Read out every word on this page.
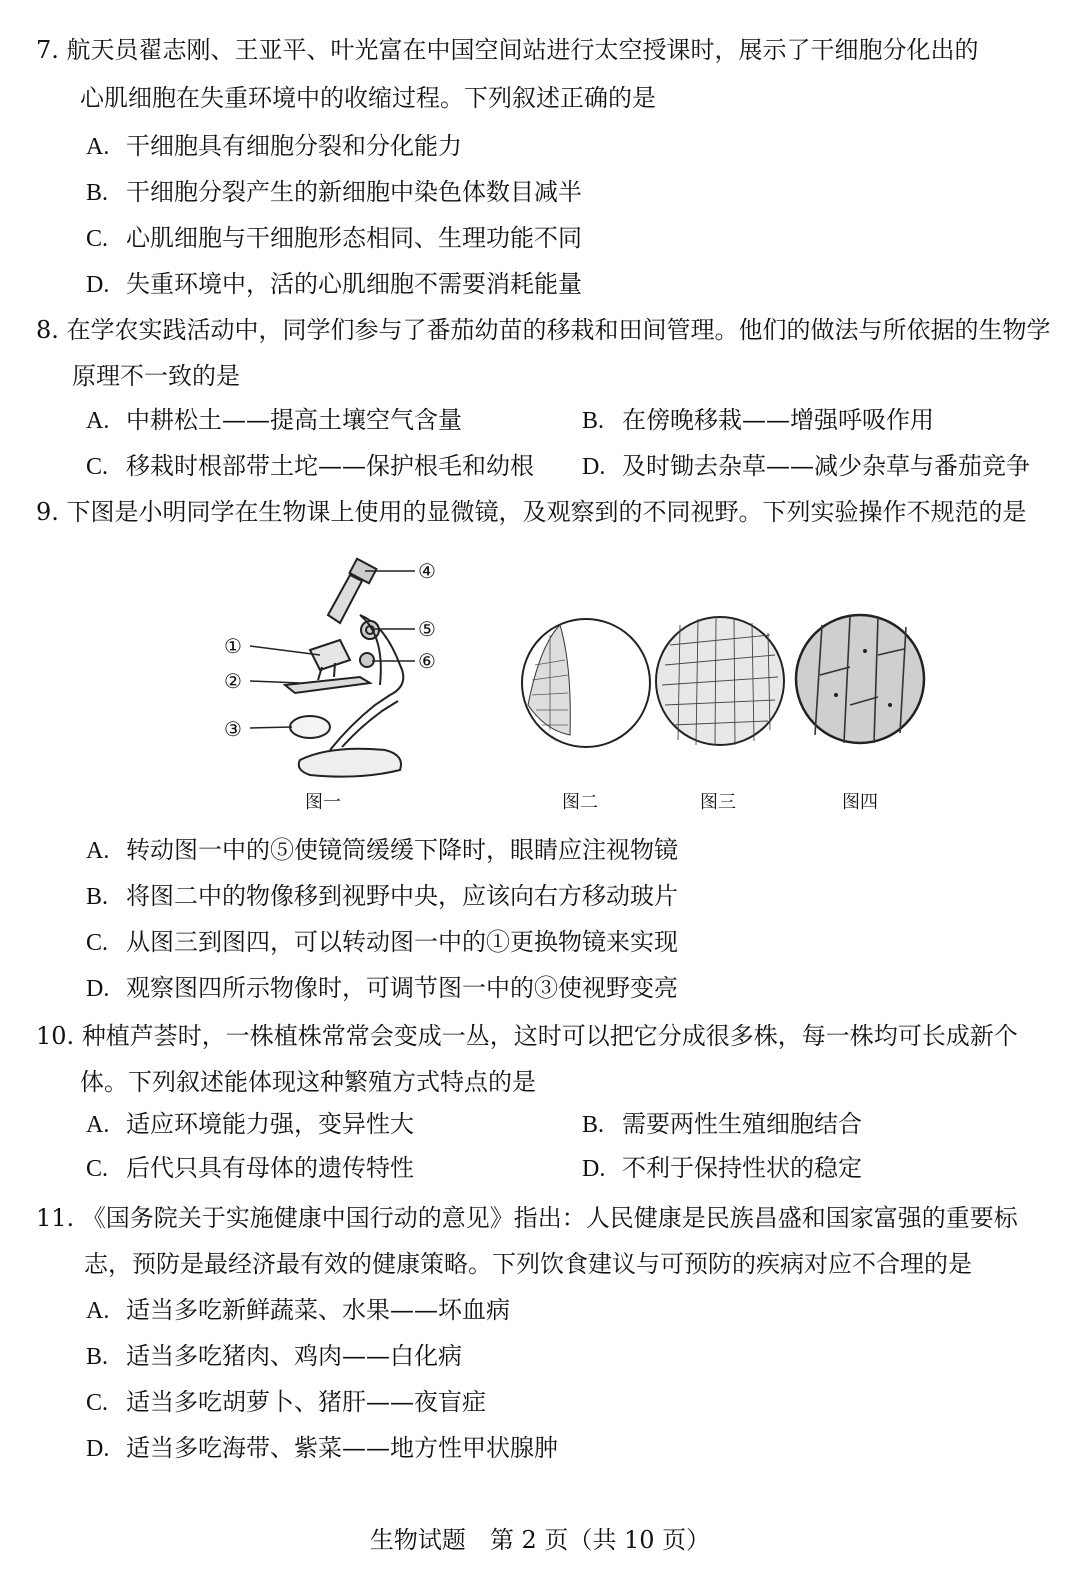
7. 航天员翟志刚、王亚平、叶光富在中国空间站进行太空授课时，展示了干细胞分化出的
心肌细胞在失重环境中的收缩过程。下列叙述正确的是
A. 干细胞具有细胞分裂和分化能力
B. 干细胞分裂产生的新细胞中染色体数目减半
C. 心肌细胞与干细胞形态相同、生理功能不同
D. 失重环境中，活的心肌细胞不需要消耗能量
8. 在学农实践活动中，同学们参与了番茄幼苗的移栽和田间管理。他们的做法与所依据的生物学
原理不一致的是
A. 中耕松土——提高土壤空气含量	B. 在傍晚移栽——增强呼吸作用
C. 移栽时根部带土坨——保护根毛和幼根 D. 及时锄去杂草——减少杂草与番茄竞争
9. 下图是小明同学在生物课上使用的显微镜，及观察到的不同视野。下列实验操作不规范的是
①
②
③
④
⑤
⑥
图一	图二	图三	图四
A. 转动图一中的⑤使镜筒缓缓下降时，眼睛应注视物镜
B. 将图二中的物像移到视野中央，应该向右方移动玻片
C. 从图三到图四，可以转动图一中的①更换物镜来实现
D. 观察图四所示物像时，可调节图一中的③使视野变亮
10. 种植芦荟时，一株植株常常会变成一丛，这时可以把它分成很多株，每一株均可长成新个
体。下列叙述能体现这种繁殖方式特点的是
A. 适应环境能力强，变异性大	B. 需要两性生殖细胞结合
C. 后代只具有母体的遗传特性	D. 不利于保持性状的稳定
11. 《国务院关于实施健康中国行动的意见》指出：人民健康是民族昌盛和国家富强的重要标
志，预防是最经济最有效的健康策略。下列饮食建议与可预防的疾病对应不合理的是
A. 适当多吃新鲜蔬菜、水果——坏血病
B. 适当多吃猪肉、鸡肉——白化病
C. 适当多吃胡萝卜、猪肝——夜盲症
D. 适当多吃海带、紫菜——地方性甲状腺肿
生物试题　第 2 页（共 10 页）
